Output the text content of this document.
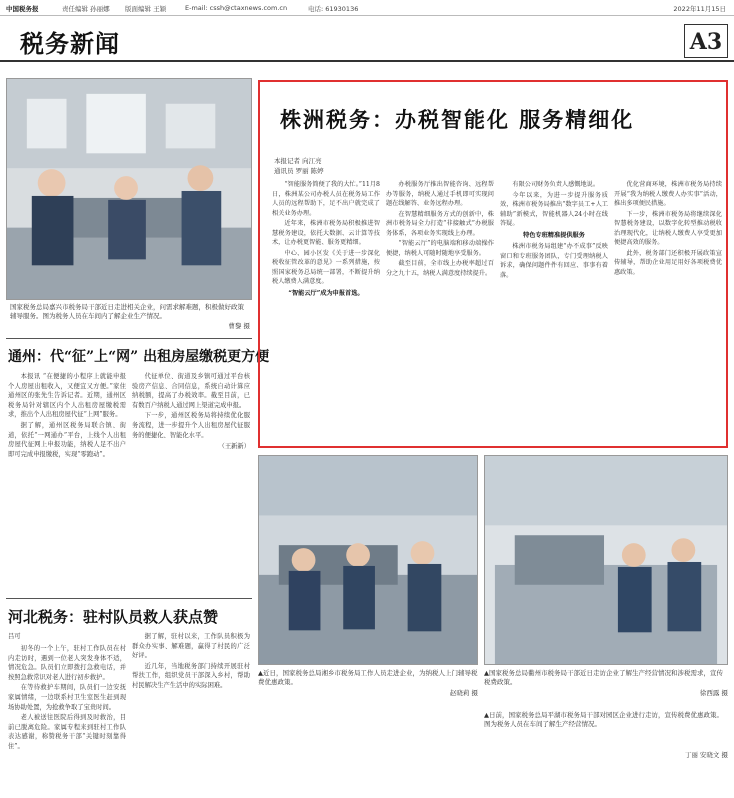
中国税务报	责任编辑 孙丽娜 版面编辑 王颖	E-mail: cssh@ctaxnews.com.cn	电话: 61930136	2022年11月15日
税务新闻	A3
国家税务总局嘉兴市税务局干部近日走进相关企业，问需求解难题，积极做好政策辅导服务。图为税务人员在车间内了解企业生产情况。
曹黎 摄
通州：代“征”上“网” 出租房屋缴税更方便

本报讯 “在便捷的小程序上就能申报个人房屋出租收入，又便宜又方便。”家住通州区的张先生告诉记者。近期，通州区税务局针对辖区内个人出租房屋缴税需求，推出个人出租房屋代征“上网”服务。

据了解，通州区税务局联合镇、街道，依托“一网通办”平台，上线个人出租房屋代征网上申报功能，纳税人足不出户即可完成申报缴税，实现“零跑动”。

代征单位、街道及乡镇可通过平台核验房产信息、合同信息，系统自动计算应纳税额，提高了办税效率。截至目前，已有数百户纳税人通过网上渠道完成申报。

下一步，通州区税务局将持续优化服务流程，进一步提升个人出租房屋代征服务的便捷化、智能化水平。

（王新新）
河北税务：驻村队员救人获点赞
吕可

初冬的一个上午，驻村工作队员在村内走访时，遇到一位老人突发身体不适，情况危急。队员们立即拨打急救电话，并按照急救常识对老人进行初步救护。

在等待救护车期间，队员们一边安抚家属情绪，一边联系村卫生室医生赶到现场协助处置，为抢救争取了宝贵时间。

老人被送往医院后得到及时救治，目前已脱离危险。家属专程来到驻村工作队表达感谢，称赞税务干部“关键时刻靠得住”。

据了解，驻村以来，工作队员积极为群众办实事、解难题，赢得了村民的广泛好评。

近几年，当地税务部门持续开展驻村帮扶工作，组织党员干部深入乡村，帮助村民解决生产生活中的实际困难。

株洲税务：办税智能化 服务精细化
本报记者 向江亮
通讯员 罗丽 陈婷

“智能服务简便了我的大忙。”11月8日，株洲某公司办税人员在税务局工作人员的远程帮助下，足不出户就完成了相关业务办理。

近年来，株洲市税务局积极推进智慧税务建设，依托大数据、云计算等技术，让办税更智能、服务更精细。

中心、园小区发《关于进一步深化税收征管改革的意见》一系列措施，按照国家税务总局统一部署，不断提升纳税人缴费人满意度。

“智能云厅”成为申报首选。

办税服务厅推出智能咨询、远程帮办等服务，纳税人通过手机即可实现问题在线解答、业务远程办理。

在智慧精细服务方式的创新中，株洲市税务局全力打造“非接触式”办税服务体系，各项业务实现线上办理。

“智能云厅”的电脑端和移动端操作便捷，纳税人可随时随地享受服务。

截至目前，全市线上办税率超过百分之九十五，纳税人满意度持续提升。

有限公司财务负责人感慨地说。

今年以来，为进一步提升服务质效，株洲市税务局推出“数字员工+人工辅助”新模式，智能机器人24小时在线答疑。

特色专班精准提供服务

株洲市税务局组建“办不成事”反映窗口和专班服务团队，专门受理纳税人诉求，确保问题件件有回应、事事有着落。

优化营商环境，株洲市税务局持续开展“我为纳税人缴费人办实事”活动，推出多项便民措施。

下一步，株洲市税务局将继续深化智慧税务建设，以数字化转型推动税收治理现代化，让纳税人缴费人享受更加便捷高效的服务。

此外，税务部门还积极开展政策宣传辅导，帮助企业用足用好各项税费优惠政策。

▲近日，国家税务总局湘乡市税务局工作人员走进企业，为纳税人上门辅导税费优惠政策。
赵晓莉 摄
▲国家税务总局衢州市税务局干部近日走访企业了解生产经营情况和涉税需求，宣传税费政策。
徐西露 摄
▲日前，国家税务总局平湖市税务局干部对园区企业进行走访，宣传税费优惠政策。图为税务人员在车间了解生产经营情况。
丁丽 安晓文 摄
